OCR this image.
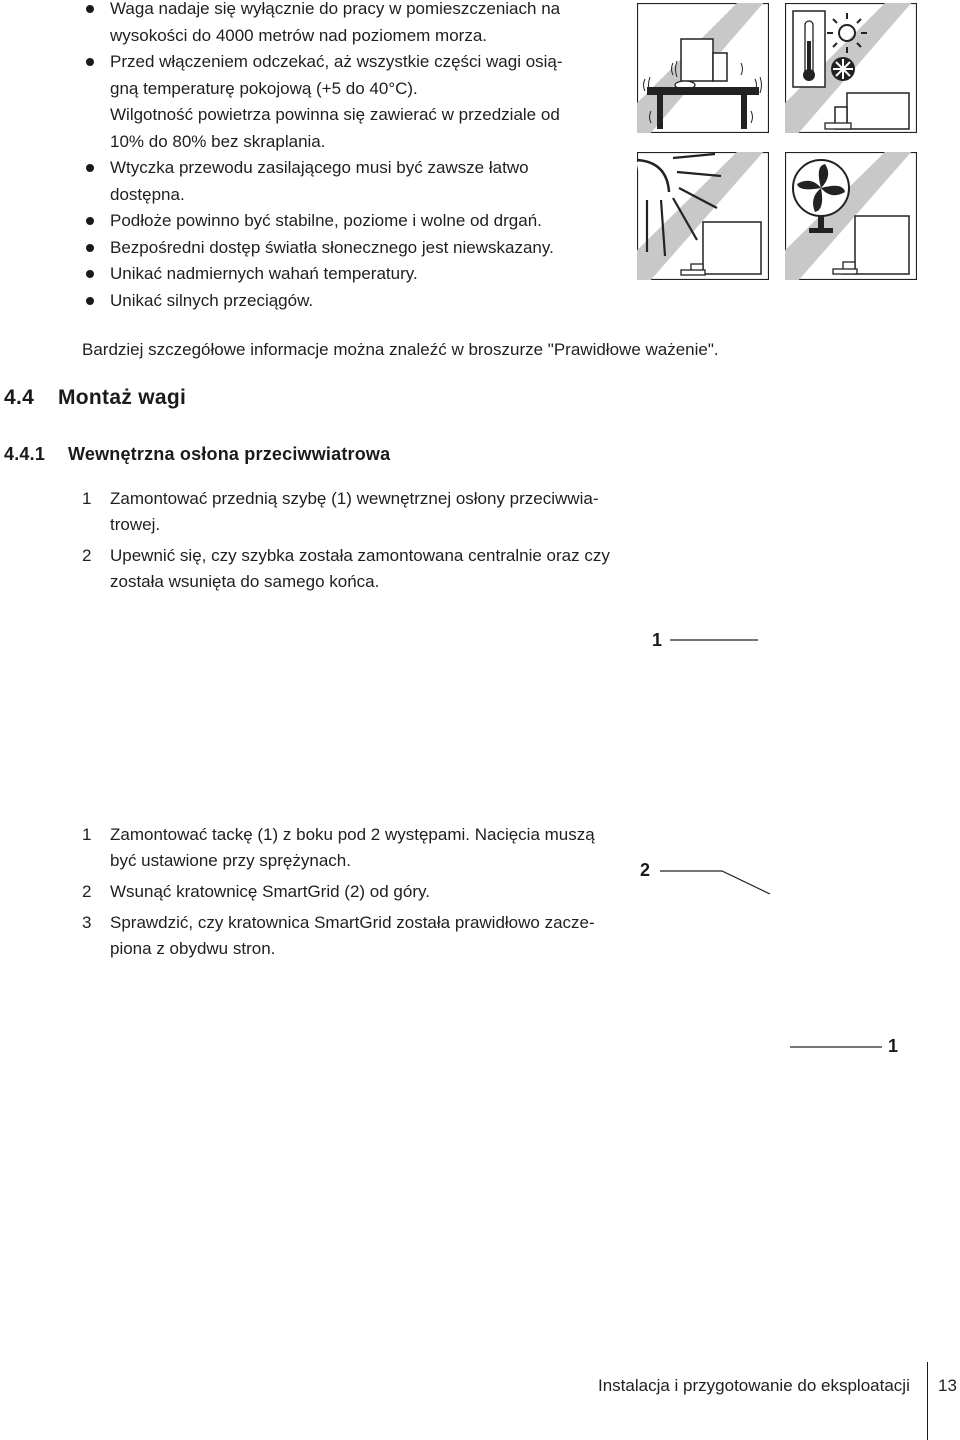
Waga nadaje się wyłącznie do pracy w pomieszczeniach na
wysokości do 4000 metrów nad poziomem morza.
Przed włączeniem odczekać, aż wszystkie części wagi osią-
gną temperaturę pokojową (+5 do 40°C).
Wilgotność powietrza powinna się zawierać w przedziale od
10% do 80% bez skraplania.
Wtyczka przewodu zasilającego musi być zawsze łatwo
dostępna.
Podłoże powinno być stabilne, poziome i wolne od drgań.
Bezpośredni dostęp światła słonecznego jest niewskazany.
Unikać nadmiernych wahań temperatury.
Unikać silnych przeciągów.
Bardziej szczegółowe informacje można znaleźć w broszurze "Prawidłowe ważenie".
4.4 Montaż wagi
4.4.1 Wewnętrzna osłona przeciwwiatrowa
1 Zamontować przednią szybę (1) wewnętrznej osłony przeciwwia-trowej.
2 Upewnić się, czy szybka została zamontowana centralnie oraz czy została wsunięta do samego końca.
1
1 Zamontować tackę (1) z boku pod 2 występami. Nacięcia muszą być ustawione przy sprężynach.
2 Wsunąć kratownicę SmartGrid (2) od góry.
3 Sprawdzić, czy kratownica SmartGrid została prawidłowo zacze-piona z obydwu stron.
2
1
Instalacja i przygotowanie do eksploatacji 13
